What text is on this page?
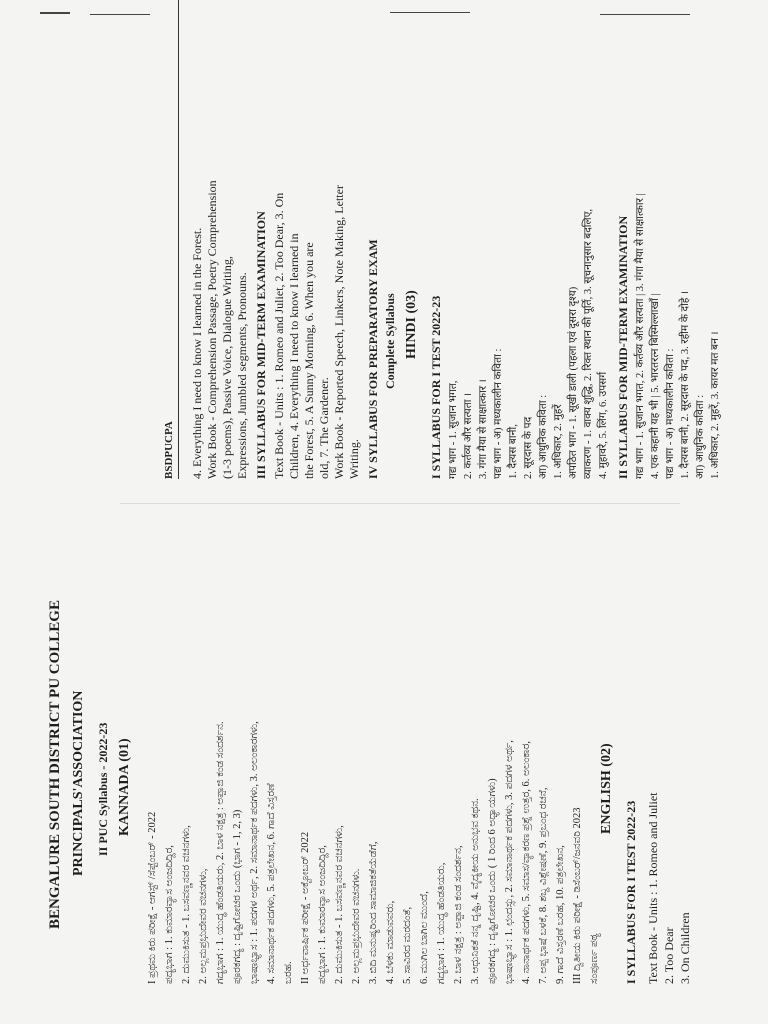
BENGALURE SOUTH DISTRICT PU COLLEGE PRINCIPALS'ASSOCIATION II PUC Syllabus - 2022-23 KANNADA (01)
I ಪ್ರಥಮ ಕಿರು ಪರೀಕ್ಷೆ - ಆಗಸ್ಟ್ /ಸೆಪ್ಟೆಂಬರ್ - 2022 ಪದ್ಯಭಾಗ : 1. ಕುಮಾರವ್ಯಾಸ ಅಂಜದಿದ್ದಿರ, 2. ದುಮುಕಿಸುತ - 1. ಬಸವಣ್ಣನವರ ವಚನಗಳು, 2. ಅಲ್ಲಮಪ್ರಭುದೇವರ ವಚನಗಳು, ಗದ್ಯಭಾಗ : 1. ಯುದ್ಧ ಹೆಂಡತಿಯರು, 2. ಬಾಳ ನಕ್ಷತ್ರ : ಅಪ್ಪಾಜಿ ಕಂಡ ಸಂದರ್ಶನ. ಪೂರಕಗದ್ಯ : ದೃಷ್ಟಿಗೋಚರ ಒಂದು (ಭಾಗ - 1, 2, 3) ಭಾಷಾಭ್ಯಾಸ : 1. ಪದಗಳ ಅರ್ಥ, 2. ಸಮಾನಾರ್ಥಕ ಪದಗಳು, 3. ಅಲಂಕಾರಗಳು, 4. ಸಮಾನಾರ್ಥಕ ಪದಗಳು, 5. ಪತ್ರಲೇಖನ, 6. ಗಾದೆ ವಿಸ್ತರಣೆ ಬರಹ. II ಅರ್ಧವಾರ್ಷಿಕ ಪರೀಕ್ಷೆ - ಅಕ್ಟೋಬರ್ 2022 ಪದ್ಯಭಾಗ : 1. ಕುಮಾರವ್ಯಾಸ ಅಂಜದಿದ್ದಿರ, 2. ದುಮುಕಿಸುತ - 1. ಬಸವಣ್ಣನವರ ವಚನಗಳು, 2. ಅಲ್ಲಮಪ್ರಭುದೇವರ ವಚನಗಳು. 3. ಬಿದಿ ಮನುಷ್ಯರಿಂದ ಸಾಮಾಜಿಕತೆಯೆಡೆಗೆ, 4. ಬೆಳಕು ಮಾಡುವವರು, 5. ಸಾವಿರದ ಮರದಂತೆ, 6. ಮುಗಿಲ ಬಾಗಿಲ ಮುಂದೆ, ಗದ್ಯಭಾಗ : 1. ಯುದ್ಧ ಹೆಂಡತಿಯರು, 2. ಬಾಳ ನಕ್ಷತ್ರ : ಅಪ್ಪಾಜಿ ಕಂಡ ಸಂದರ್ಶನ, 3. ಆಧುನಿಕತೆ ನನ್ನ ದೃಷ್ಟಿ, 4. ವೈದ್ಯಕೀಯ ಅನುಭವ ಕಥನ. ಪೂರಕಗದ್ಯ : ದೃಷ್ಟಿಗೋಚರ ಒಂದು ( 1 ರಿಂದ 6 ಅಧ್ಯಾಯಗಳು) ಭಾಷಾಭ್ಯಾಸ : 1. ಛಂದಸ್ಸು, 2. ಸಮಾನಾರ್ಥಕ ಪದಗಳು, 3. ಪದಗಳ ಅರ್ಥ, 4. ನಾನಾರ್ಥಕ ಪದಗಳು, 5. ಸಮಾಸ/ವ್ಯಾಕರಣ ಪ್ರಶ್ನೆ ಉತ್ತರ, 6. ಅಲಂಕಾರ, 7. ಅಪ್ಪ ಭಾಷೆ ಬಳಕೆ, 8. ಶಬ್ದ ವಿಶ್ಲೇಷಣೆ, 9. ಪ್ರಬಂಧ ರಚನೆ, 9. ಗಾದೆ ವಿಸ್ತರಣೆ ಬರಹ, 10. ಪತ್ರಲೇಖನ, III ದ್ವಿತೀಯ ಕಿರು ಪರೀಕ್ಷೆ - ಡಿಸೆಂಬರ್/ಜನವರಿ 2023 ಸಂಪೂರ್ಣ ಪಠ್ಯ
ENGLISH (02)
I SYLLABUS FOR I TEST 2022-23 Text Book - Units : 1. Romeo and Juliet 2. Too Dear 3. On Children
BSDPUCPA 4. Everything I need to know I learned in the Forest. Work Book - Comprehension Passage, Poetry Comprehension (1-3 poems), Passive Voice, Dialogue Writing, Expressions, Jumbled segments, Pronouns. III SYLLABUS FOR MID-TERM EXAMINATION Text Book - Units : 1. Romeo and Juliet, 2. Too Dear, 3. On Children, 4. Everything I need to know I learned in the Forest, 5. A Sunny Morning, 6. When you are old, 7. The Gardener. Work Book - Reported Speech, Linkers, Note Making, Letter Writing. IV SYLLABUS FOR PREPARATORY EXAM Complete Syllabus HINDI (03) I SYLLABUS FOR I TEST 2022-23 गद्य भाग - 1. सुजान भगत, 2. कर्तव्य और सत्यता । 3. गंगा मैया से साक्षात्कार । पद्य भाग - अ) मध्यकालीन कविता : 1. दैत्यस बानी, 2. सूरदास के पद आ) आधुनिक कविता : 1. अधिकार, 2. मुहरें अपठित भाग - 1. सूखी डाली (पहला एवं दूसरा दृश्य) व्याकरण - 1. वाक्य शुद्धि, 2. रिक्त स्थान की पूर्ति, 3. सूचनानुसार बदलिए, 4. मुहावरे, 5. लिंग, 6. उपसर्ग II SYLLABUS FOR MID-TERM EXAMINATION गद्य भाग - 1. सुजान भगत, 2. कर्तव्य और सत्यता | 3. गंगा मैया से साक्षात्कार | 4. एक कहानी यह भी | 5. भारतरत्न बिस्मिल्लाखाँ | पद्य भाग - अ) मध्यकालीन कविता : 1. दैत्यस बानी, 2. सूरदास के पद, 3. रहीम के दोहे । आ) आधुनिक कविता : 1. अधिकार, 2. मुहरें, 3. कायर मत बन ।
